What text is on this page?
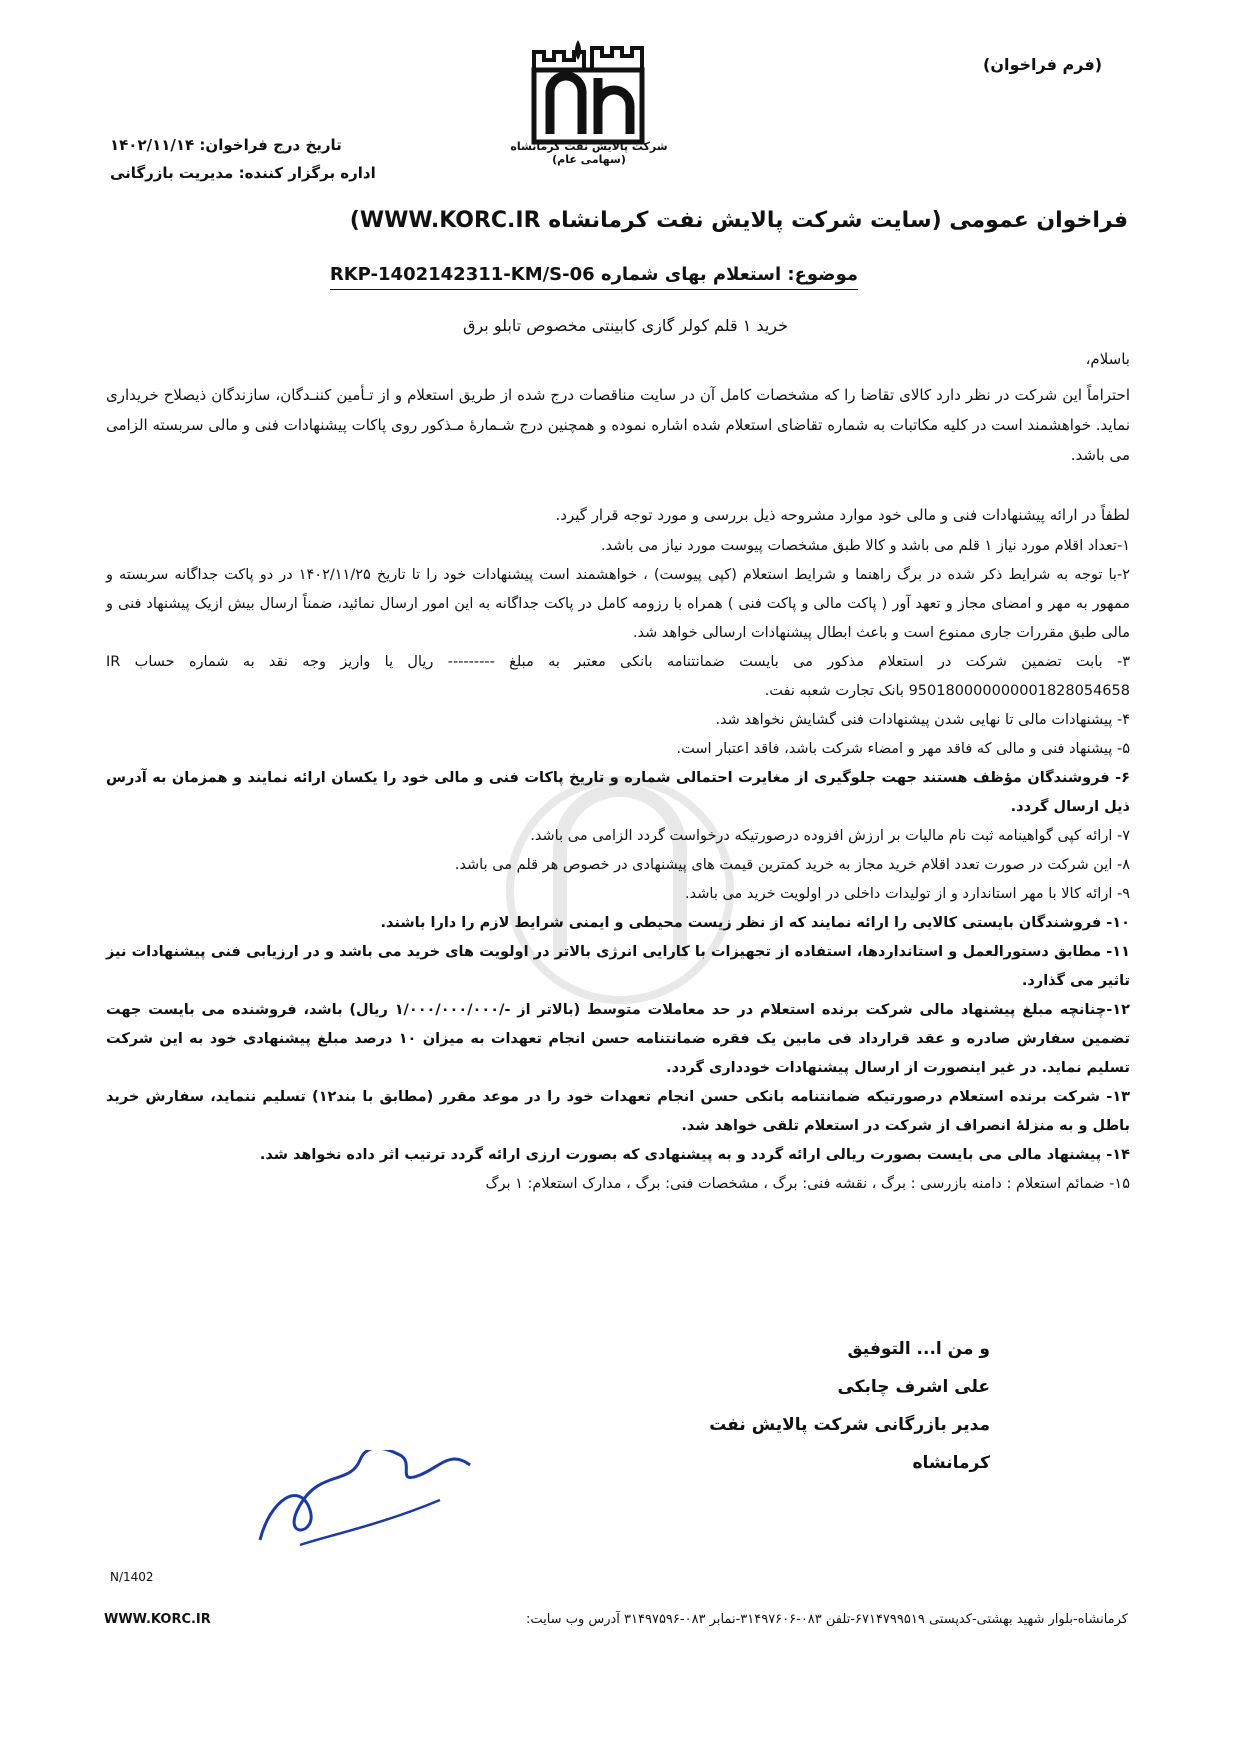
(فرم فراخوان)
شرکت پالایش نفت کرمانشاه (سهامی عام)
تاریخ درج فراخوان: ۱۴۰۲/۱۱/۱۴
اداره برگزار کننده: مدیریت بازرگانی
فراخوان عمومی (سایت شرکت پالایش نفت کرمانشاه WWW.KORC.IR)
موضوع: استعلام بهای شماره RKP-1402142311-KM/S-06
خرید ۱ قلم کولر گازی کابینتی مخصوص تابلو برق
باسلام،
احتراماً این شرکت در نظر دارد کالای تقاضا را که مشخصات کامل آن در سایت مناقصات درج شده از طریق استعلام و از تـأمین کننـدگان، سازندگان ذیصلاح خریداری نماید. خواهشمند است در کلیه مکاتبات به شماره تقاضای استعلام شده اشاره نموده و همچنین درج شـمارهٔ مـذکور روی پاکات پیشنهادات فنی و مالی سربسته الزامی می باشد.
لطفاً در ارائه پیشنهادات فنی و مالی خود موارد مشروحه ذیل بررسی و مورد توجه قرار گیرد.
۱-تعداد اقلام مورد نیاز ۱ قلم می باشد و کالا طبق مشخصات پیوست مورد نیاز می باشد.
۲-با توجه به شرایط ذکر شده در برگ راهنما و شرایط استعلام (کپی پیوست) ، خواهشمند است پیشنهادات خود را تا تاریخ ۱۴۰۲/۱۱/۲۵ در دو پاکت جداگانه سربسته و ممهور به مهر و امضای مجاز و تعهد آور ( پاکت مالی و پاکت فنی ) همراه با رزومه کامل در پاکت جداگانه به این امور ارسال نمائید، ضمناً ارسال بیش ازیک پیشنهاد فنی و مالی طبق مقررات جاری ممنوع است و باعث ابطال پیشنهادات ارسالی خواهد شد.
۳- بابت تضمین شرکت در استعلام مذکور می بایست ضمانتنامه بانکی معتبر به مبلغ --------- ریال یا واریز وجه نقد به شماره حساب IR 950180000000001828054658 بانک تجارت شعبه نفت.
۴- پیشنهادات مالی تا نهایی شدن پیشنهادات فنی گشایش نخواهد شد.
۵- پیشنهاد فنی و مالی که فاقد مهر و امضاء شرکت باشد، فاقد اعتبار است.
۶- فروشندگان مؤظف هستند جهت جلوگیری از مغایرت احتمالی شماره و تاریخ پاکات فنی و مالی خود را یکسان ارائه نمایند و همزمان به آدرس ذیل ارسال گردد.
۷- ارائه کپی گواهینامه ثبت نام مالیات بر ارزش افزوده درصورتیکه درخواست گردد الزامی می باشد.
۸- این شرکت در صورت تعدد اقلام خرید مجاز به خرید کمترین قیمت های پیشنهادی در خصوص هر قلم می باشد.
۹- ارائه کالا با مهر استاندارد و از تولیدات داخلی در اولویت خرید می باشد.
۱۰- فروشندگان بایستی کالایی را ارائه نمایند که از نظر زیست محیطی و ایمنی شرایط لازم را دارا باشند.
۱۱- مطابق دستورالعمل و استانداردها، استفاده از تجهیزات با کارایی انرژی بالاتر در اولویت های خرید می باشد و در ارزیابی فنی پیشنهادات نیز تاثیر می گذارد.
۱۲-چنانچه مبلغ پیشنهاد مالی شرکت برنده استعلام در حد معاملات متوسط (بالاتر از -/۱/۰۰۰/۰۰۰/۰۰۰ ریال) باشد، فروشنده می بایست جهت تضمین سفارش صادره و عقد قرارداد فی مابین یک فقره ضمانتنامه حسن انجام تعهدات به میزان ۱۰ درصد مبلغ پیشنهادی خود به این شرکت تسلیم نماید. در غیر اینصورت از ارسال پیشنهادات خودداری گردد.
۱۳- شرکت برنده استعلام درصورتیکه ضمانتنامه بانکی حسن انجام تعهدات خود را در موعد مقرر (مطابق با بند۱۲) تسلیم ننماید، سفارش خرید باطل و به منزلهٔ انصراف از شرکت در استعلام تلقی خواهد شد.
۱۴- پیشنهاد مالی می بایست بصورت ریالی ارائه گردد و به پیشنهادی که بصورت ارزی ارائه گردد ترتیب اثر داده نخواهد شد.
۱۵- ضمائم استعلام : دامنه بازرسی : برگ ، نقشه فنی: برگ ، مشخصات فنی: برگ ، مدارک استعلام: ۱ برگ
و من ا... التوفیق
علی اشرف چابکی
مدیر بازرگانی شرکت پالایش نفت کرمانشاه
N/1402
کرمانشاه-بلوار شهید بهشتی-کدپستی ۶۷۱۴۷۹۹۵۱۹-تلفن ۰۸۳-۳۱۴۹۷۶۰۶-نمابر ۰۸۳-۳۱۴۹۷۵۹۶ آدرس وب سایت:
WWW.KORC.IR
